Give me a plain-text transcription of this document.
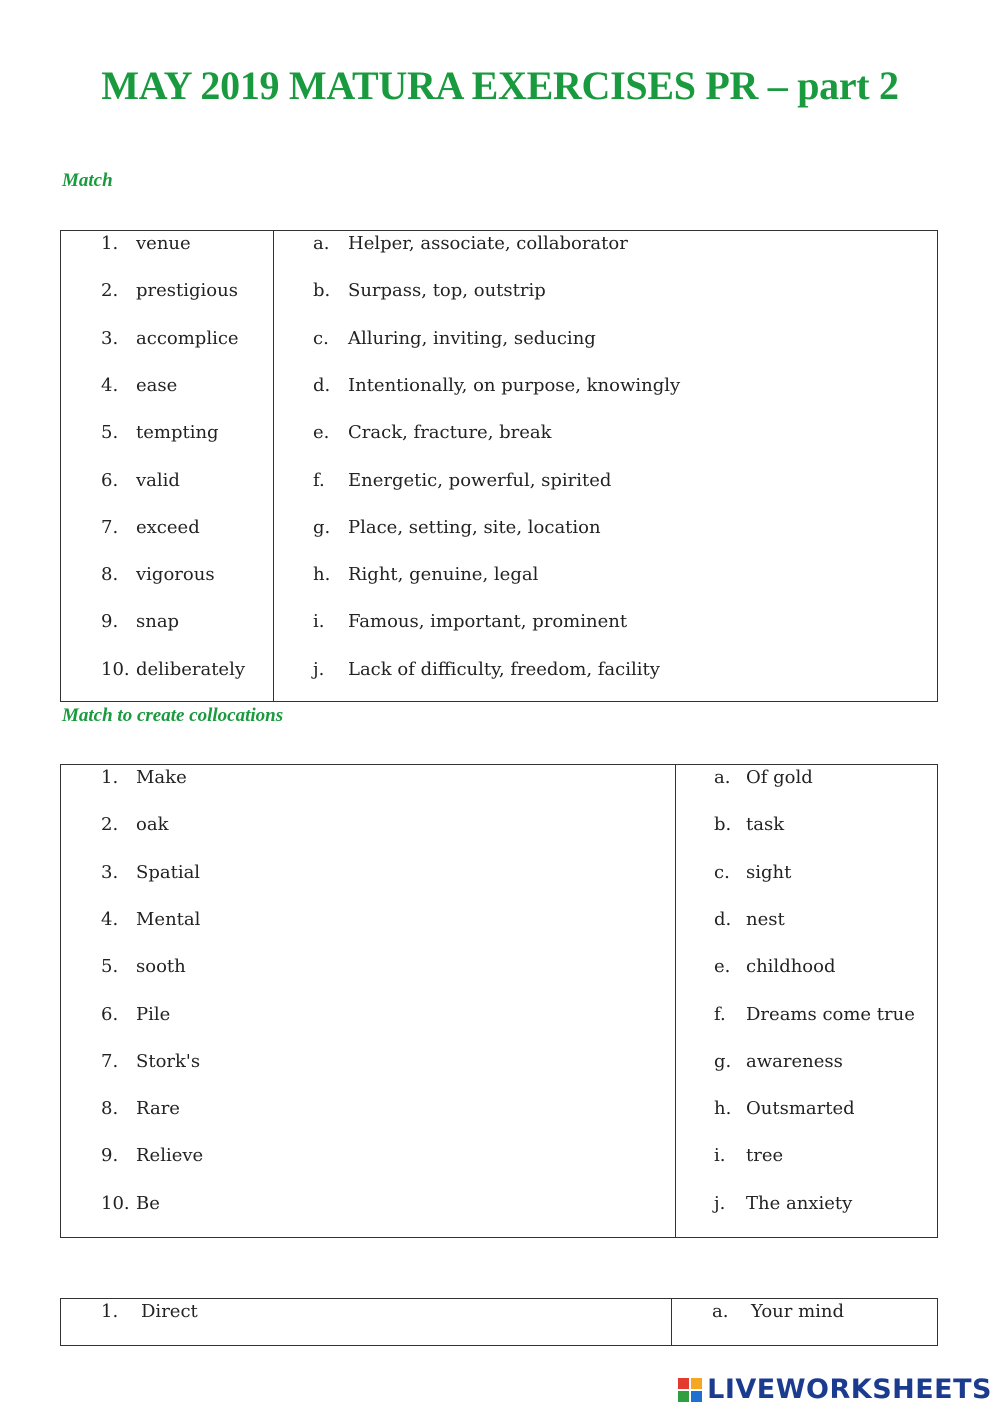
MAY 2019 MATURA EXERCISES PR – part 2
Match
1. venue
2. prestigious
3. accomplice
4. ease
5. tempting
6. valid
7. exceed
8. vigorous
9. snap
10. deliberately
a. Helper, associate, collaborator
b. Surpass, top, outstrip
c. Alluring, inviting, seducing
d. Intentionally, on purpose, knowingly
e. Crack, fracture, break
f. Energetic, powerful, spirited
g. Place, setting, site, location
h. Right, genuine, legal
i. Famous, important, prominent
j. Lack of difficulty, freedom, facility
Match to create collocations
1. Make
2. oak
3. Spatial
4. Mental
5. sooth
6. Pile
7. Stork's
8. Rare
9. Relieve
10. Be
a. Of gold
b. task
c. sight
d. nest
e. childhood
f. Dreams come true
g. awareness
h. Outsmarted
i. tree
j. The anxiety
1. Direct	a. Your mind
LIVEWORKSHEETS
